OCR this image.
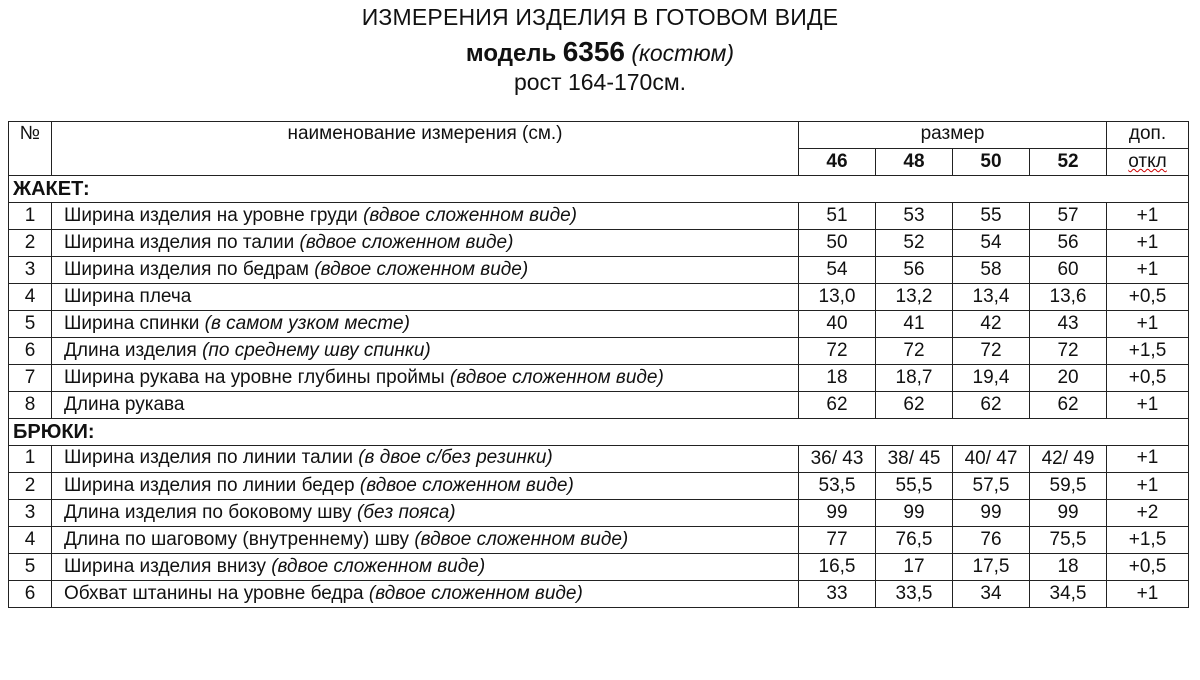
ИЗМЕРЕНИЯ ИЗДЕЛИЯ В ГОТОВОМ ВИДЕ
модель 6356 (костюм)
рост 164-170см.
№	наименование измерения (см.)	размер				доп.
		46	48	50	52	откл
ЖАКЕТ:						
1	Ширина изделия на уровне груди (вдвое сложенном виде)	51	53	55	57	+1
2	Ширина изделия по талии (вдвое сложенном виде)	50	52	54	56	+1
3	Ширина изделия по бедрам (вдвое сложенном виде)	54	56	58	60	+1
4	Ширина плеча	13,0	13,2	13,4	13,6	+0,5
5	Ширина спинки (в самом узком месте)	40	41	42	43	+1
6	Длина изделия (по среднему шву спинки)	72	72	72	72	+1,5
7	Ширина рукава на уровне глубины проймы (вдвое сложенном виде)	18	18,7	19,4	20	+0,5
8	Длина рукава	62	62	62	62	+1
БРЮКИ:						
1	Ширина изделия по линии талии (в двое с/без резинки)	36/ 43	38/ 45	40/ 47	42/ 49	+1
2	Ширина изделия по линии бедер (вдвое сложенном виде)	53,5	55,5	57,5	59,5	+1
3	Длина изделия по боковому шву (без пояса)	99	99	99	99	+2
4	Длина по шаговому (внутреннему) шву (вдвое сложенном виде)	77	76,5	76	75,5	+1,5
5	Ширина изделия внизу (вдвое сложенном виде)	16,5	17	17,5	18	+0,5
6	Обхват штанины на уровне бедра (вдвое сложенном виде)	33	33,5	34	34,5	+1
